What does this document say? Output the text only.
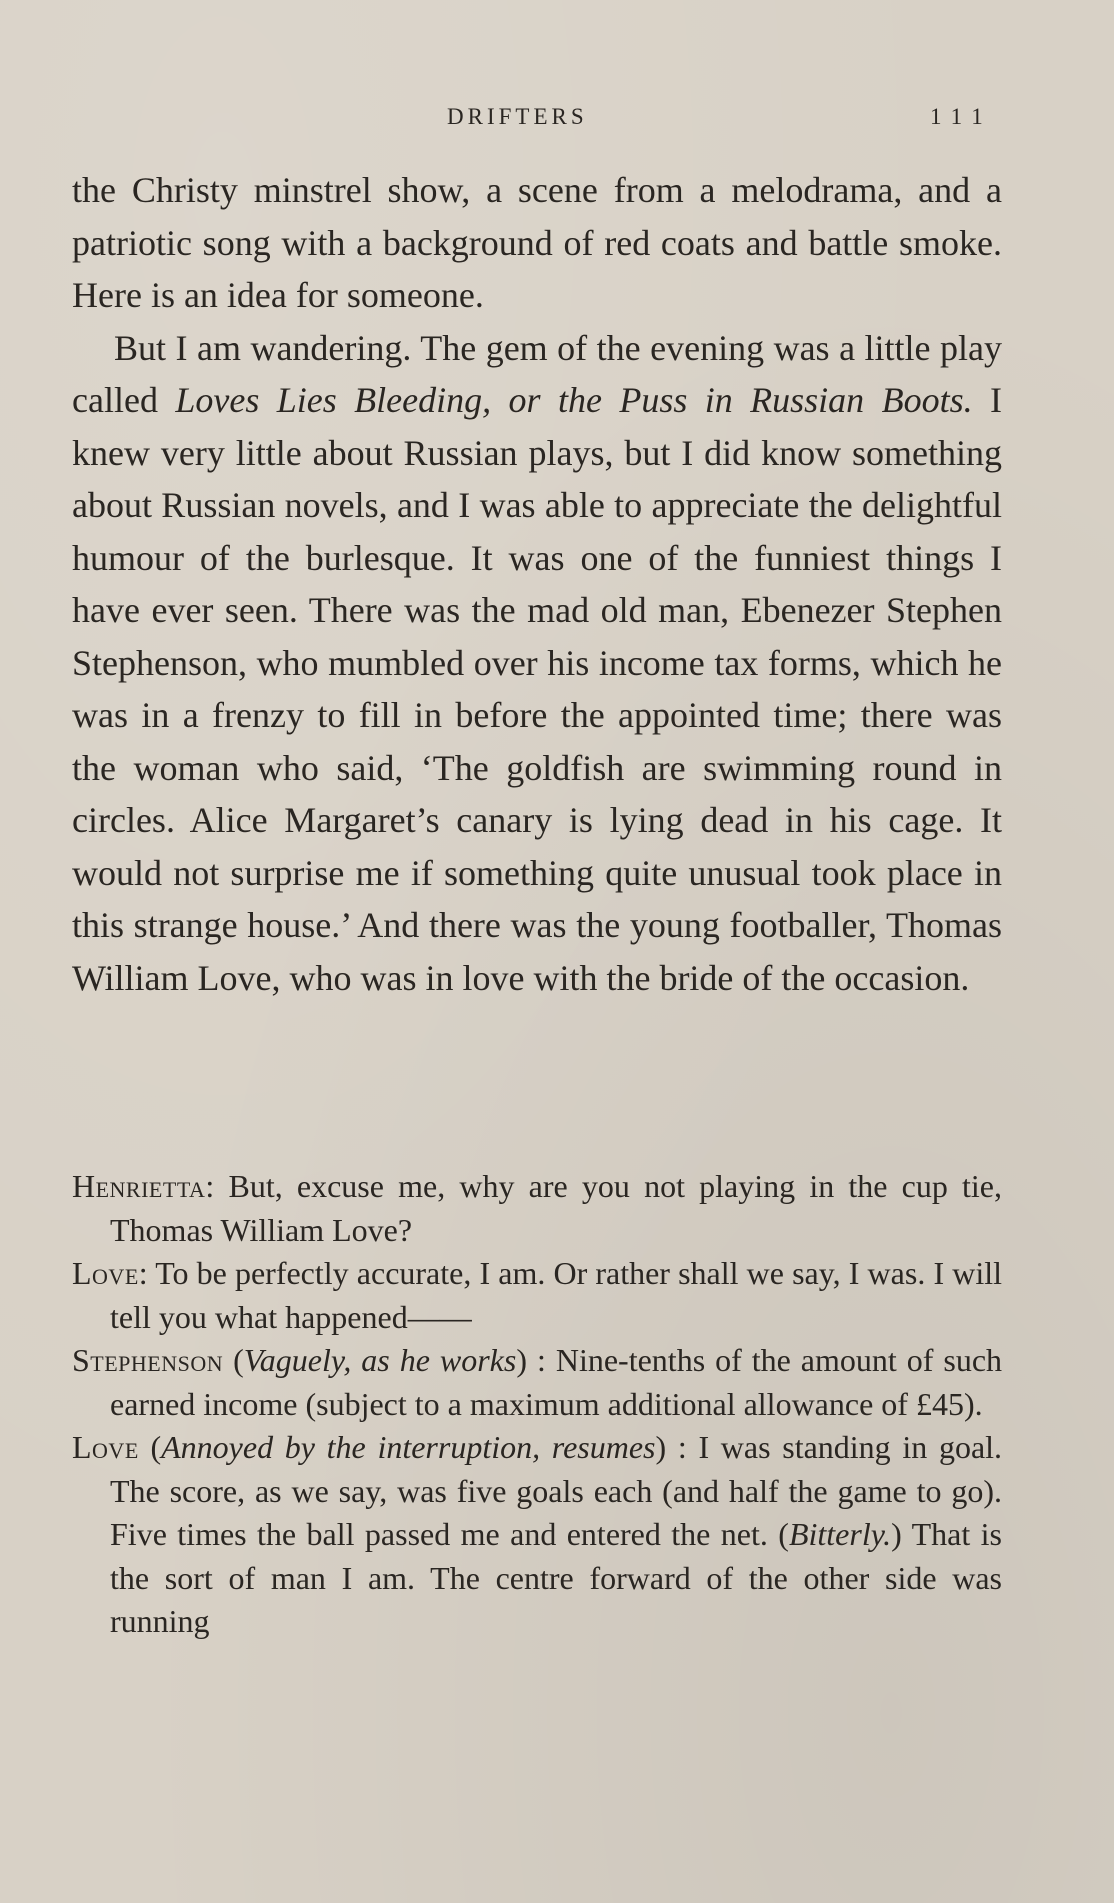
DRIFTERS	111

the Christy minstrel show, a scene from a melodrama, and a patriotic song with a background of red coats and battle smoke. Here is an idea for someone.

But I am wandering. The gem of the evening was a little play called Loves Lies Bleeding, or the Puss in Russian Boots. I knew very little about Russian plays, but I did know something about Russian novels, and I was able to appreciate the delightful humour of the burlesque. It was one of the funniest things I have ever seen. There was the mad old man, Ebenezer Stephen Stephenson, who mumbled over his income tax forms, which he was in a frenzy to fill in before the appointed time; there was the woman who said, ‘The goldfish are swimming round in circles. Alice Margaret’s canary is lying dead in his cage. It would not surprise me if something quite unusual took place in this strange house.’ And there was the young footballer, Thomas William Love, who was in love with the bride of the occasion.

Henrietta: But, excuse me, why are you not playing in the cup tie, Thomas William Love?

Love: To be perfectly accurate, I am. Or rather shall we say, I was. I will tell you what happened——

Stephenson (Vaguely, as he works) : Nine-tenths of the amount of such earned income (subject to a maximum additional allowance of £45).

Love (Annoyed by the interruption, resumes) : I was standing in goal. The score, as we say, was five goals each (and half the game to go). Five times the ball passed me and entered the net. (Bitterly.) That is the sort of man I am. The centre forward of the other side was running
